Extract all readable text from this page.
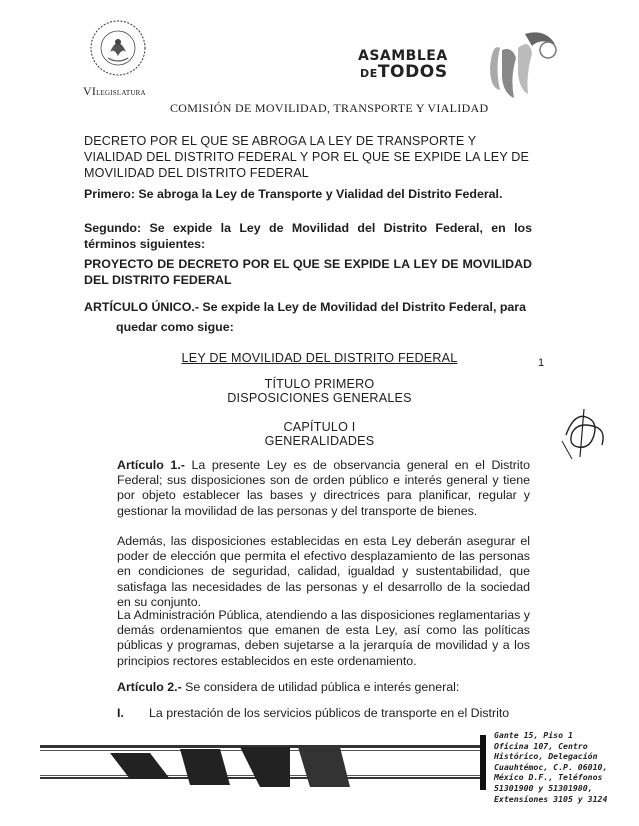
VILEGISLATURA
ASAMBLEA
DETODOS
COMISIÓN DE MOVILIDAD, TRANSPORTE Y VIALIDAD
DECRETO POR EL QUE SE ABROGA LA LEY DE TRANSPORTE Y VIALIDAD DEL DISTRITO FEDERAL Y POR EL QUE SE EXPIDE LA LEY DE MOVILIDAD DEL DISTRITO FEDERAL
Primero: Se abroga la Ley de Transporte y Vialidad del Distrito Federal.
Segundo: Se expide la Ley de Movilidad del Distrito Federal, en los términos siguientes:
PROYECTO DE DECRETO POR EL QUE SE EXPIDE LA LEY DE MOVILIDAD DEL DISTRITO FEDERAL
ARTÍCULO ÚNICO.- Se expide la Ley de Movilidad del Distrito Federal, para
quedar como sigue:
LEY DE MOVILIDAD DEL DISTRITO FEDERAL	1
TÍTULO PRIMERO
DISPOSICIONES GENERALES
CAPÍTULO I
GENERALIDADES
Artículo 1.- La presente Ley es de observancia general en el Distrito Federal; sus disposiciones son de orden público e interés general y tiene por objeto establecer las bases y directrices para planificar, regular y gestionar la movilidad de las personas y del transporte de bienes.
Además, las disposiciones establecidas en esta Ley deberán asegurar el poder de elección que permita el efectivo desplazamiento de las personas en condiciones de seguridad, calidad, igualdad y sustentabilidad, que satisfaga las necesidades de las personas y el desarrollo de la sociedad en su conjunto.
La Administración Pública, atendiendo a las disposiciones reglamentarias y demás ordenamientos que emanen de esta Ley, así como las políticas públicas y programas, deben sujetarse a la jerarquía de movilidad y a los principios rectores establecidos en este ordenamiento.
Artículo 2.- Se considera de utilidad pública e interés general:
I. La prestación de los servicios públicos de transporte en el Distrito
Gante 15, Piso 1
Oficina 107, Centro
Histórico, Delegación
Cuauhtémoc, C.P. 06010,
México D.F., Teléfonos
51301900 y 51301980,
Extensiones 3105 y 3124
